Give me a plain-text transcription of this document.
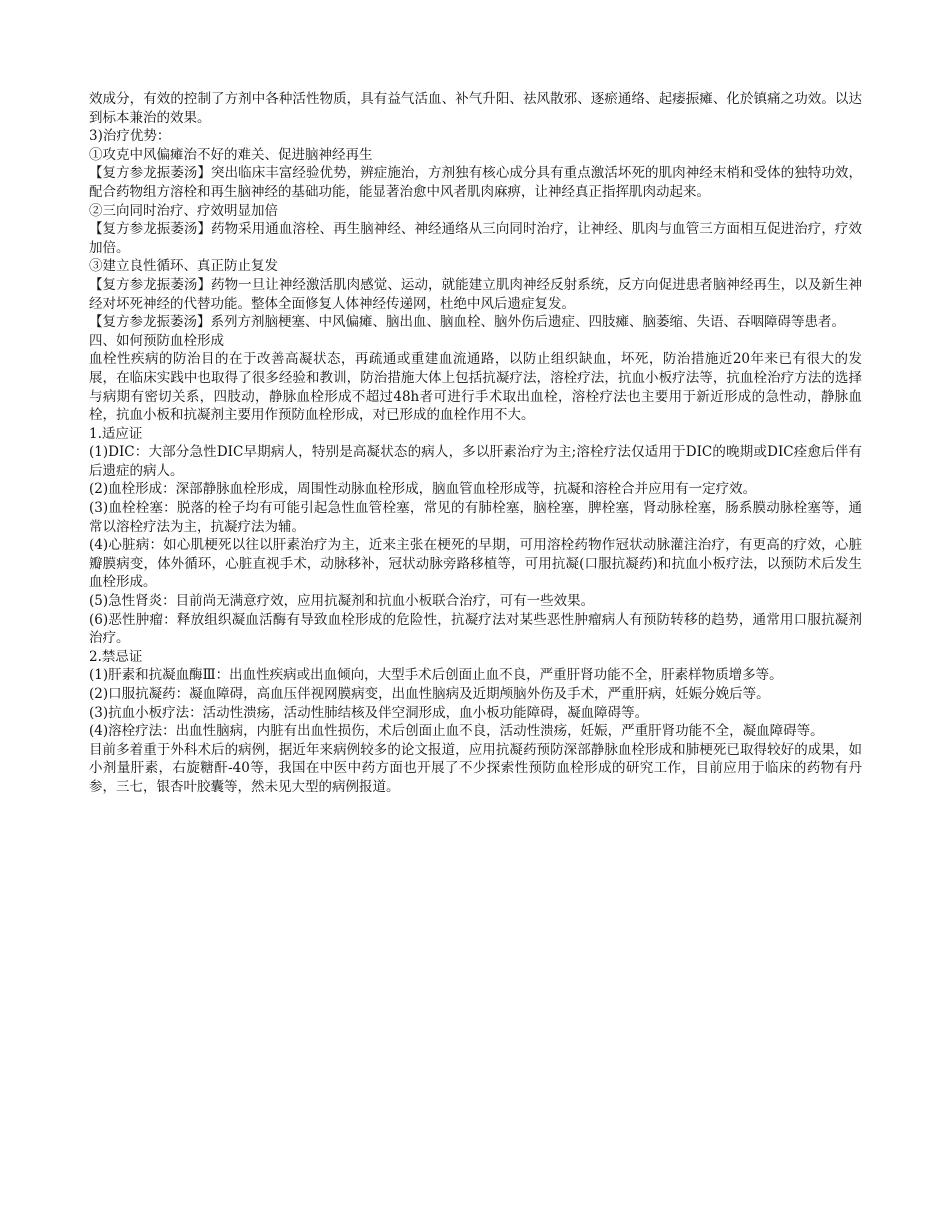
效成分，有效的控制了方剂中各种活性物质，具有益气活血、补气升阳、祛风散邪、逐瘀通络、起痿振瘫、化於镇痛之功效。以达到标本兼治的效果。

3)治疗优势：

①攻克中风偏瘫治不好的难关、促进脑神经再生

【复方参龙振萎汤】突出临床丰富经验优势，辨症施治，方剂独有核心成分具有重点激活坏死的肌肉神经末梢和受体的独特功效，配合药物组方溶栓和再生脑神经的基础功能，能显著治愈中风者肌肉麻痹，让神经真正指挥肌肉动起来。

②三向同时治疗、疗效明显加倍

【复方参龙振萎汤】药物采用通血溶栓、再生脑神经、神经通络从三向同时治疗，让神经、肌肉与血管三方面相互促进治疗，疗效加倍。

③建立良性循环、真正防止复发

【复方参龙振萎汤】药物一旦让神经激活肌肉感觉、运动，就能建立肌肉神经反射系统，反方向促进患者脑神经再生，以及新生神经对坏死神经的代替功能。整体全面修复人体神经传递网，杜绝中风后遗症复发。

【复方参龙振萎汤】系列方剂脑梗塞、中风偏瘫、脑出血、脑血栓、脑外伤后遗症、四肢瘫、脑萎缩、失语、吞咽障碍等患者。

四、如何预防血栓形成

血栓性疾病的防治目的在于改善高凝状态，再疏通或重建血流通路，以防止组织缺血，坏死，防治措施近20年来已有很大的发展，在临床实践中也取得了很多经验和教训，防治措施大体上包括抗凝疗法，溶栓疗法，抗血小板疗法等，抗血栓治疗方法的选择与病期有密切关系，四肢动，静脉血栓形成不超过48h者可进行手术取出血栓，溶栓疗法也主要用于新近形成的急性动，静脉血栓，抗血小板和抗凝剂主要用作预防血栓形成，对已形成的血栓作用不大。

1.适应证

(1)DIC：大部分急性DIC早期病人，特别是高凝状态的病人，多以肝素治疗为主;溶栓疗法仅适用于DIC的晚期或DIC痊愈后伴有后遗症的病人。

(2)血栓形成：深部静脉血栓形成，周围性动脉血栓形成，脑血管血栓形成等，抗凝和溶栓合并应用有一定疗效。

(3)血栓栓塞：脱落的栓子均有可能引起急性血管栓塞，常见的有肺栓塞，脑栓塞，脾栓塞，肾动脉栓塞，肠系膜动脉栓塞等，通常以溶栓疗法为主，抗凝疗法为辅。

(4)心脏病：如心肌梗死以往以肝素治疗为主，近来主张在梗死的早期，可用溶栓药物作冠状动脉灌注治疗，有更高的疗效，心脏瓣膜病变，体外循环，心脏直视手术，动脉移补，冠状动脉旁路移植等，可用抗凝(口服抗凝药)和抗血小板疗法，以预防术后发生血栓形成。

(5)急性肾炎：目前尚无满意疗效，应用抗凝剂和抗血小板联合治疗，可有一些效果。

(6)恶性肿瘤：释放组织凝血活酶有导致血栓形成的危险性，抗凝疗法对某些恶性肿瘤病人有预防转移的趋势，通常用口服抗凝剂治疗。

2.禁忌证

(1)肝素和抗凝血酶Ⅲ：出血性疾病或出血倾向，大型手术后创面止血不良，严重肝肾功能不全，肝素样物质增多等。

(2)口服抗凝药：凝血障碍，高血压伴视网膜病变，出血性脑病及近期颅脑外伤及手术，严重肝病，妊娠分娩后等。

(3)抗血小板疗法：活动性溃疡，活动性肺结核及伴空洞形成，血小板功能障碍，凝血障碍等。

(4)溶栓疗法：出血性脑病，内脏有出血性损伤，术后创面止血不良，活动性溃疡，妊娠，严重肝肾功能不全，凝血障碍等。

目前多着重于外科术后的病例，据近年来病例较多的论文报道，应用抗凝药预防深部静脉血栓形成和肺梗死已取得较好的成果，如小剂量肝素，右旋糖酐-40等，我国在中医中药方面也开展了不少探索性预防血栓形成的研究工作，目前应用于临床的药物有丹参，三七，银杏叶胶囊等，然未见大型的病例报道。
